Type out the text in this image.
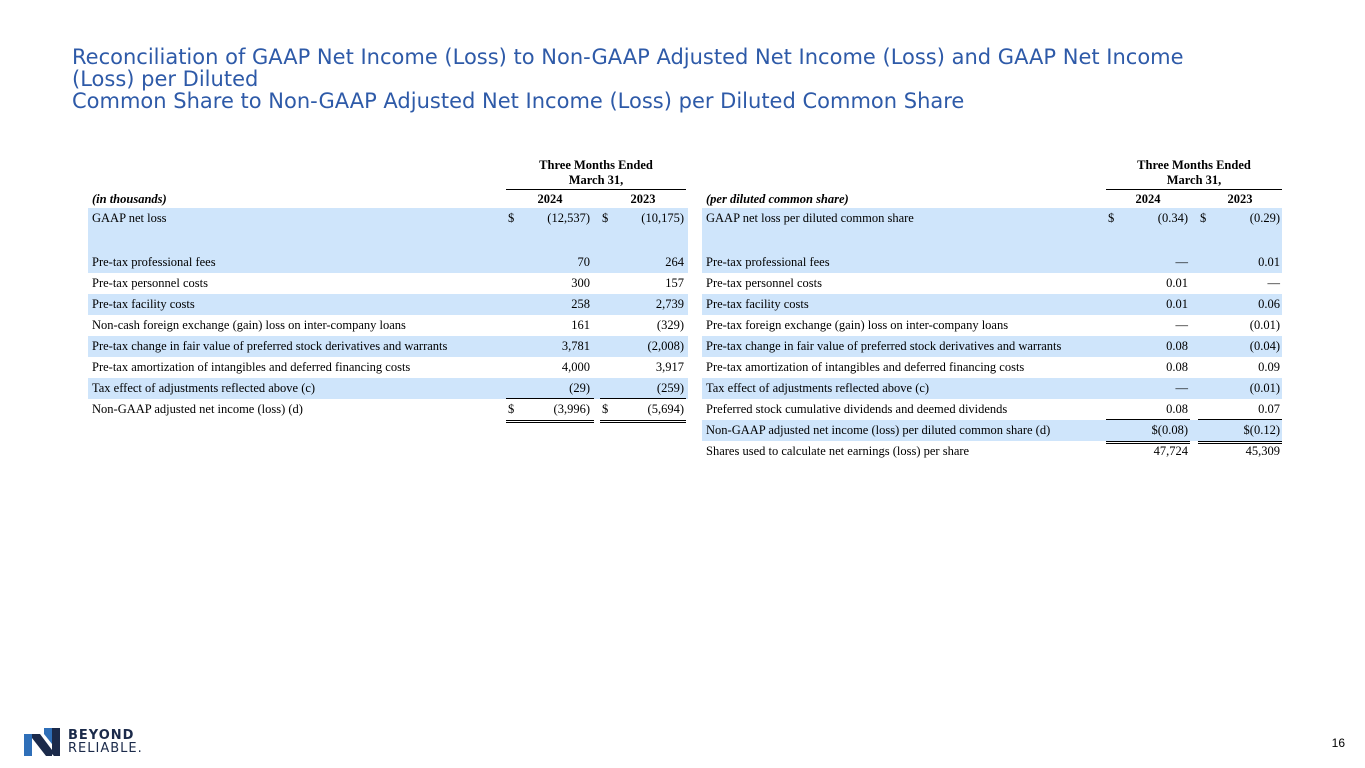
Reconciliation of GAAP Net Income (Loss) to Non-GAAP Adjusted Net Income (Loss) and GAAP Net Income
(Loss) per Diluted
Common Share to Non-GAAP Adjusted Net Income (Loss) per Diluted Common Share
Three Months Ended
March 31,
(in thousands)	2024	2023
GAAP net loss	$	(12,537) $	(10,175)
Pre-tax professional fees	70	264
Pre-tax personnel costs	300	157
Pre-tax facility costs	258	2,739
Non-cash foreign exchange (gain) loss on inter-company loans	161	(329)
Pre-tax change in fair value of preferred stock derivatives and warrants	3,781	(2,008)
Pre-tax amortization of intangibles and deferred financing costs	4,000	3,917
Tax effect of adjustments reflected above (c)	(29)	(259)
Non-GAAP adjusted net income (loss) (d)	$	(3,996) $	(5,694)
Three Months Ended
March 31,
(per diluted common share)	2024	2023
GAAP net loss per diluted common share	$	(0.34) $	(0.29)
Pre-tax professional fees	—	0.01
Pre-tax personnel costs	0.01	—
Pre-tax facility costs	0.01	0.06
Pre-tax foreign exchange (gain) loss on inter-company loans	—	(0.01)
Pre-tax change in fair value of preferred stock derivatives and warrants	0.08	(0.04)
Pre-tax amortization of intangibles and deferred financing costs	0.08	0.09
Tax effect of adjustments reflected above (c)	—	(0.01)
Preferred stock cumulative dividends and deemed dividends	0.08	0.07
Non-GAAP adjusted net income (loss) per diluted common share (d)	$(0.08)	$(0.12)
Shares used to calculate net earnings (loss) per share	47,724	45,309
BEYOND
RELIABLE.	16
